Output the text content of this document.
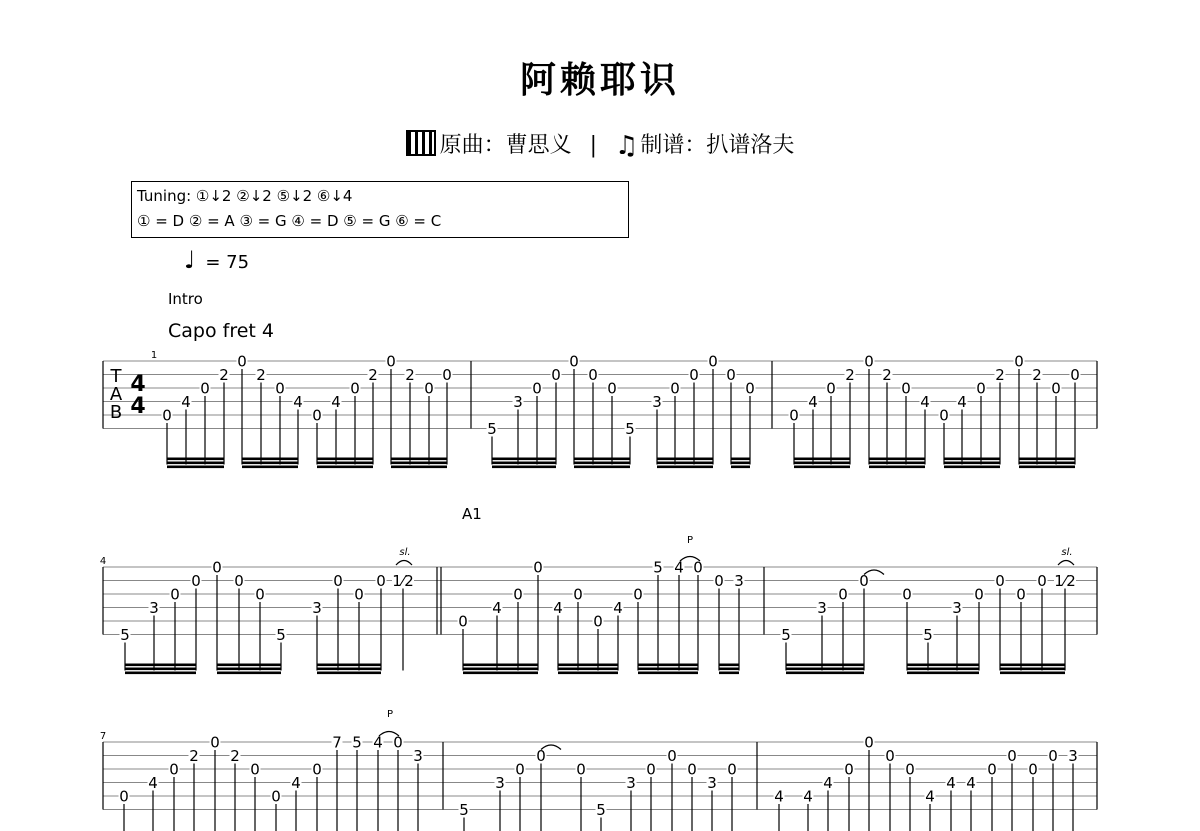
阿赖耶识
原曲：曹思义 | ♫制谱：扒谱洛夫
Tuning: ①↓2 ②↓2 ⑤↓2 ⑥↓4
① = D ② = A ③ = G ④ = D ⑤ = G ⑥ = C
♩ = 75
Intro
Capo fret 4
A1
1
0
4
0
2
0
2
0
4
0
4
0
2
0
2
0
0
5
3
0
0
0
0
0
5
3
0
0
0
0
0
0
4
0
2
0
2
0
4
0
4
0
2
0
2
0
0
4
5
3
0
0
0
0
0
5
3
0
0
0 1⁄2
0
4
0
0
4
0
0
4
0
5 4 0
0 3
5
3
0
0
0
5
3
0
0
0
0 1⁄2
7
0
4
0
2
0
2
0
0
4
0
7 5 4 0
3
5
3
0
0
0
5
3
0
0
0
3
0
4 4
4
0
0
0
0
4
4 4
0
0
0
0 3
T
A
B
4
4
sl.	sl.
P
P
